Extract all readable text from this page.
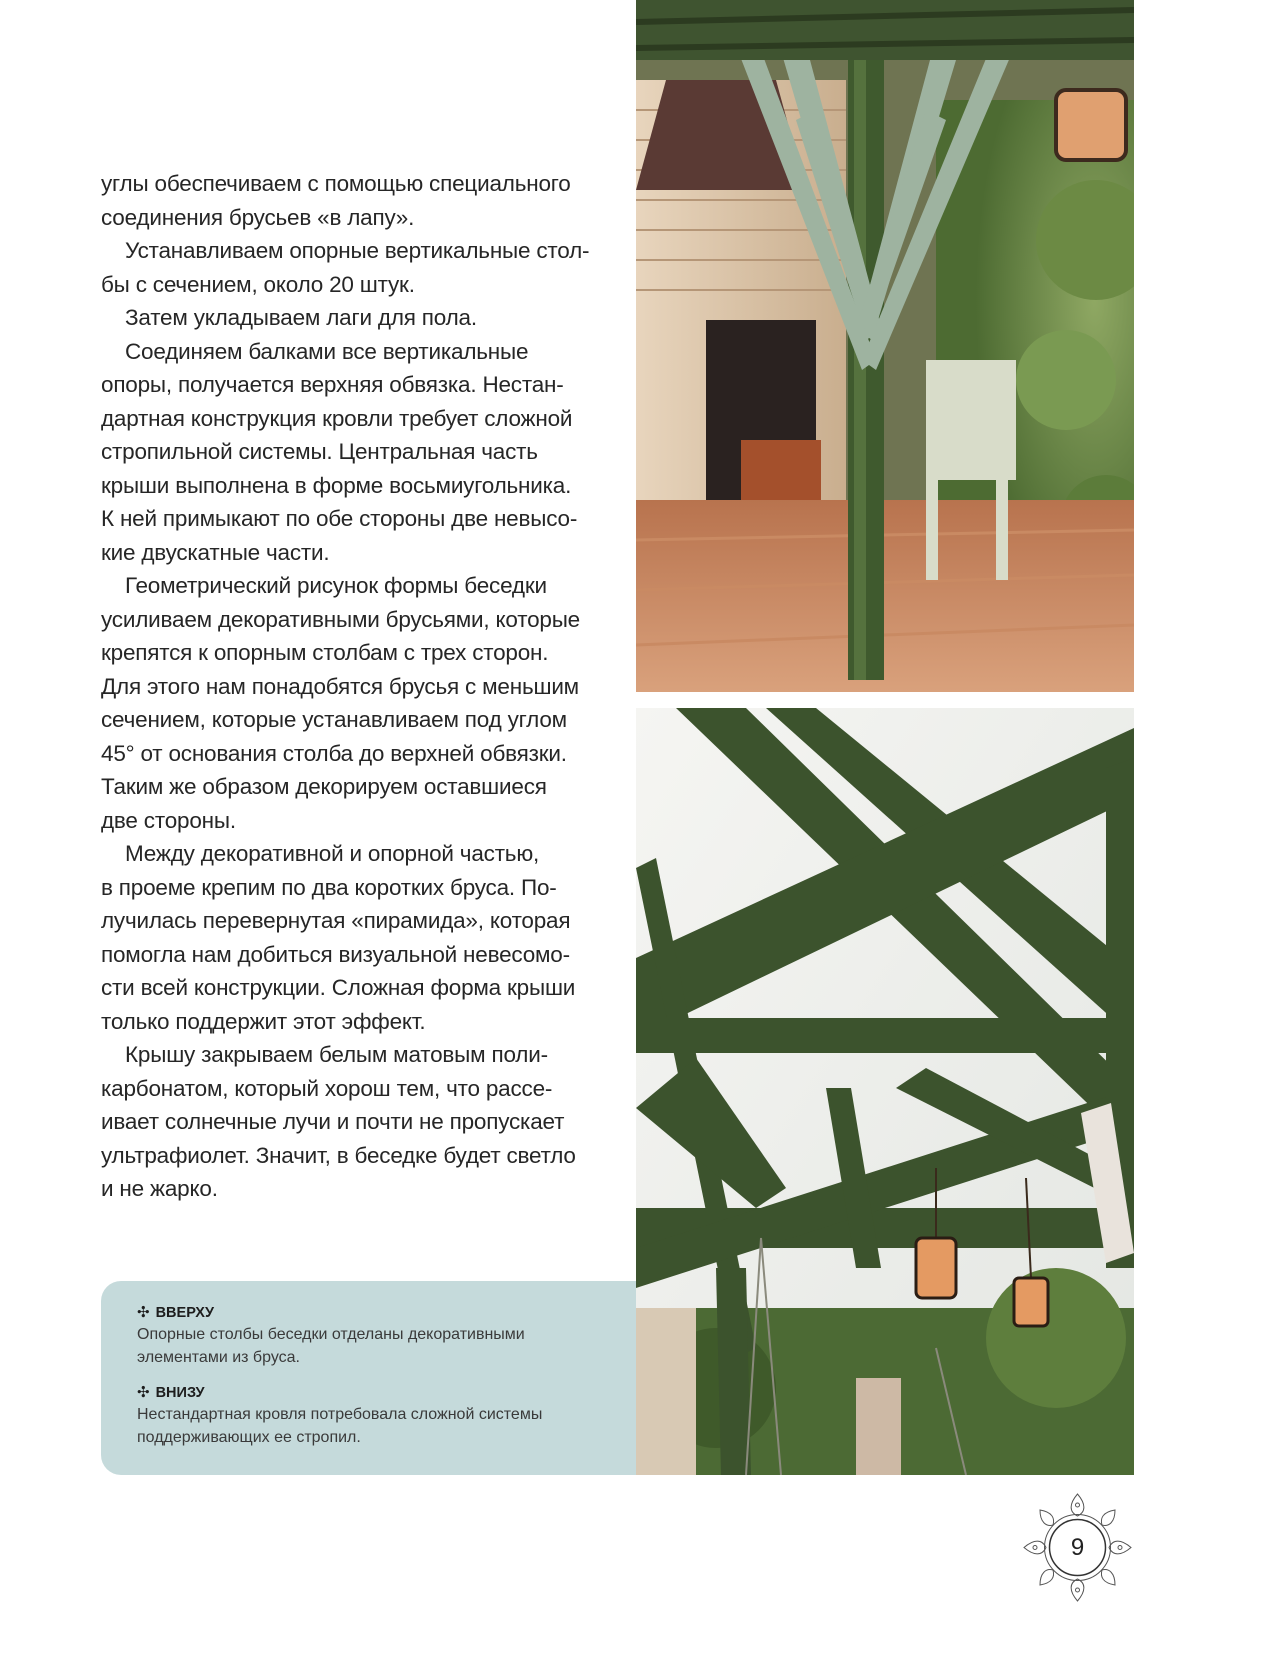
углы обеспечиваем с помощью специального
соединения брусьев «в лапу».

Устанавливаем опорные вертикальные стол-
бы с сечением, около 20 штук.

Затем укладываем лаги для пола.

Соединяем балками все вертикальные
опоры, получается верхняя обвязка. Нестан-
дартная конструкция кровли требует сложной
стропильной системы. Центральная часть
крыши выполнена в форме восьмиугольника.
К ней примыкают по обе стороны две невысо-
кие двускатные части.

Геометрический рисунок формы беседки
усиливаем декоративными брусьями, которые
крепятся к опорным столбам с трех сторон.
Для этого нам понадобятся брусья с меньшим
сечением, которые устанавливаем под углом
45° от основания столба до верхней обвязки.
Таким же образом декорируем оставшиеся
две стороны.

Между декоративной и опорной частью,
в проеме крепим по два коротких бруса. По-
лучилась перевернутая «пирамида», которая
помогла нам добиться визуальной невесомо-
сти всей конструкции. Сложная форма крыши
только поддержит этот эффект.

Крышу закрываем белым матовым поли-
карбонатом, который хорош тем, что рассе-
ивает солнечные лучи и почти не пропускает
ультрафиолет. Значит, в беседке будет светло
и не жарко.

✣ ВВЕРХУ
Опорные столбы беседки отделаны декоративными
элементами из бруса.
✣ ВНИЗУ
Нестандартная кровля потребовала сложной системы
поддерживающих ее стропил.
9
